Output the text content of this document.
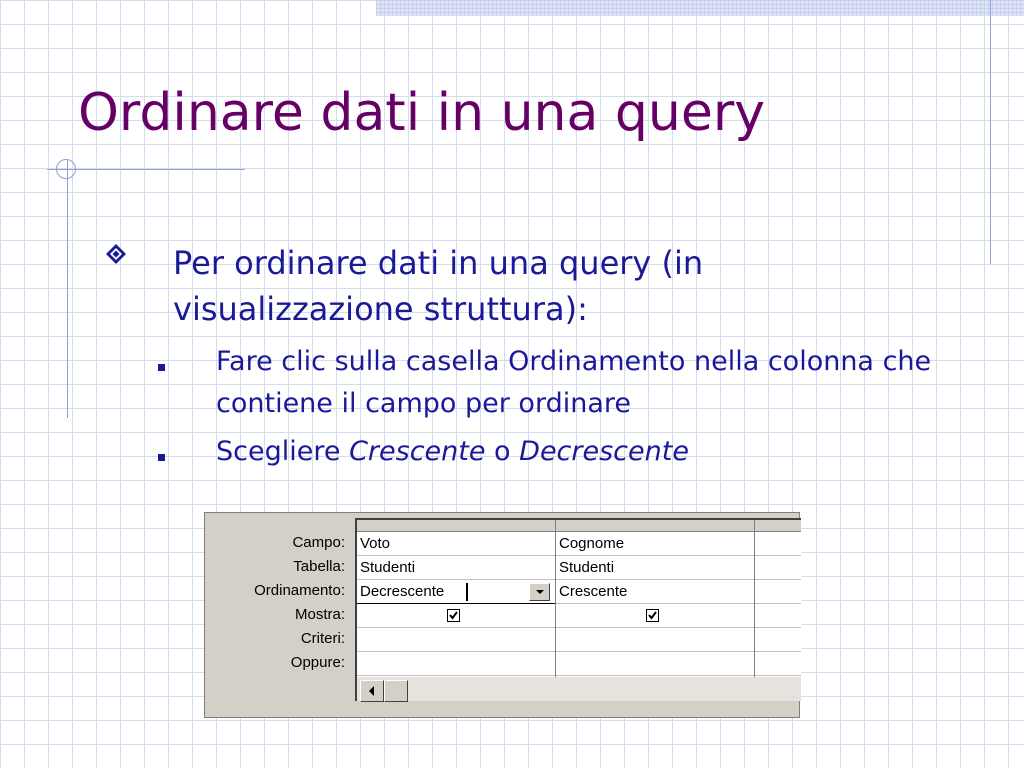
Ordinare dati in una query
Per ordinare dati in una query (in visualizzazione struttura):
Fare clic sulla casella Ordinamento nella colonna che contiene il campo per ordinare
Scegliere Crescente o Decrescente
Campo:
Tabella:
Ordinamento:
Mostra:
Criteri:
Oppure:
Voto
Studenti
Decrescente
Cognome
Studenti
Crescente
